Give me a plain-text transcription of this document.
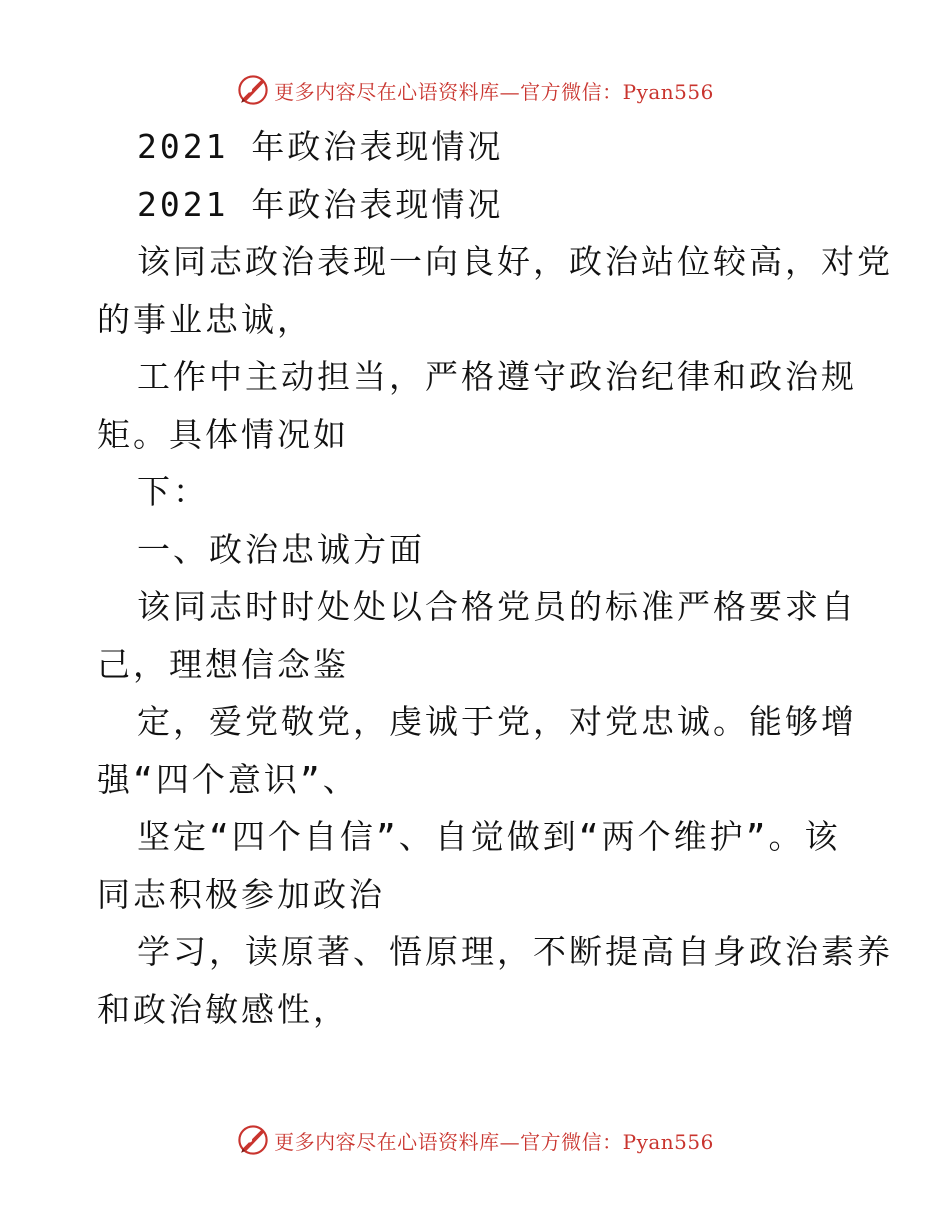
更多内容尽在心语资料库—官方微信：Pyan556
2021 年政治表现情况
2021 年政治表现情况
该同志政治表现一向良好，政治站位较高，对党
的事业忠诚，
工作中主动担当，严格遵守政治纪律和政治规
矩。具体情况如
下：
一、政治忠诚方面
该同志时时处处以合格党员的标准严格要求自
己，理想信念鉴
定，爱党敬党，虔诚于党，对党忠诚。能够增
强“四个意识”、
坚定“四个自信”、自觉做到“两个维护”。该
同志积极参加政治
学习，读原著、悟原理，不断提高自身政治素养
和政治敏感性，
更多内容尽在心语资料库—官方微信：Pyan556
